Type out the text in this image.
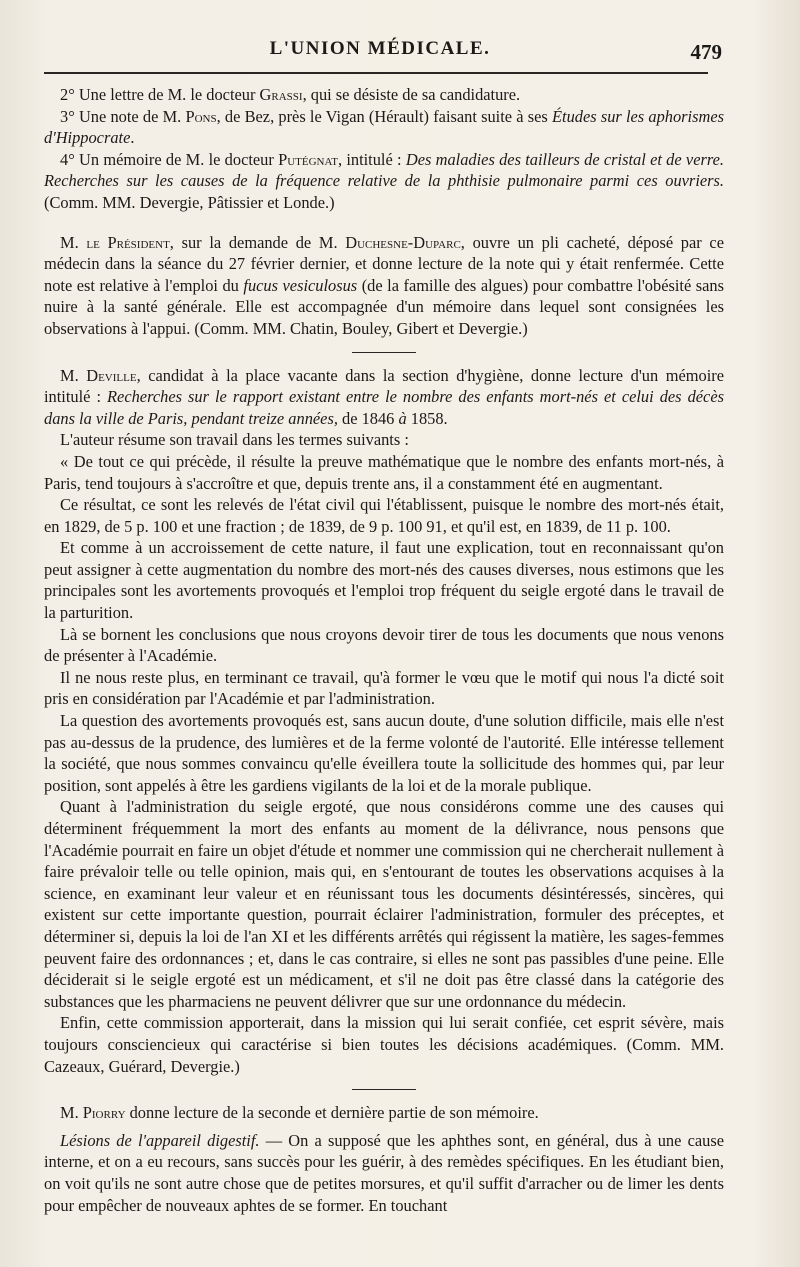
L'UNION MÉDICALE.	479

2° Une lettre de M. le docteur Grassi, qui se désiste de sa candidature.

3° Une note de M. Pons, de Bez, près le Vigan (Hérault) faisant suite à ses Études sur les aphorismes d'Hippocrate.

4° Un mémoire de M. le docteur Putégnat, intitulé : Des maladies des tailleurs de cristal et de verre. Recherches sur les causes de la fréquence relative de la phthisie pulmonaire parmi ces ouvriers. (Comm. MM. Devergie, Pâtissier et Londe.)

M. le Président, sur la demande de M. Duchesne-Duparc, ouvre un pli cacheté, déposé par ce médecin dans la séance du 27 février dernier, et donne lecture de la note qui y était renfermée. Cette note est relative à l'emploi du fucus vesiculosus (de la famille des algues) pour combattre l'obésité sans nuire à la santé générale. Elle est accompagnée d'un mémoire dans lequel sont consignées les observations à l'appui. (Comm. MM. Chatin, Bouley, Gibert et Devergie.)

M. Deville, candidat à la place vacante dans la section d'hygiène, donne lecture d'un mémoire intitulé : Recherches sur le rapport existant entre le nombre des enfants mort-nés et celui des décès dans la ville de Paris, pendant treize années, de 1846 à 1858.

L'auteur résume son travail dans les termes suivants :

« De tout ce qui précède, il résulte la preuve mathématique que le nombre des enfants mort-nés, à Paris, tend toujours à s'accroître et que, depuis trente ans, il a constamment été en augmentant.

Ce résultat, ce sont les relevés de l'état civil qui l'établissent, puisque le nombre des mort-nés était, en 1829, de 5 p. 100 et une fraction ; de 1839, de 9 p. 100 91, et qu'il est, en 1839, de 11 p. 100.

Et comme à un accroissement de cette nature, il faut une explication, tout en reconnaissant qu'on peut assigner à cette augmentation du nombre des mort-nés des causes diverses, nous estimons que les principales sont les avortements provoqués et l'emploi trop fréquent du seigle ergoté dans le travail de la parturition.

Là se bornent les conclusions que nous croyons devoir tirer de tous les documents que nous venons de présenter à l'Académie.

Il ne nous reste plus, en terminant ce travail, qu'à former le vœu que le motif qui nous l'a dicté soit pris en considération par l'Académie et par l'administration.

La question des avortements provoqués est, sans aucun doute, d'une solution difficile, mais elle n'est pas au-dessus de la prudence, des lumières et de la ferme volonté de l'autorité. Elle intéresse tellement la société, que nous sommes convaincu qu'elle éveillera toute la sollicitude des hommes qui, par leur position, sont appelés à être les gardiens vigilants de la loi et de la morale publique.

Quant à l'administration du seigle ergoté, que nous considérons comme une des causes qui déterminent fréquemment la mort des enfants au moment de la délivrance, nous pensons que l'Académie pourrait en faire un objet d'étude et nommer une commission qui ne chercherait nullement à faire prévaloir telle ou telle opinion, mais qui, en s'entourant de toutes les observations acquises à la science, en examinant leur valeur et en réunissant tous les documents désintéressés, sincères, qui existent sur cette importante question, pourrait éclairer l'administration, formuler des préceptes, et déterminer si, depuis la loi de l'an XI et les différents arrêtés qui régissent la matière, les sages-femmes peuvent faire des ordonnances ; et, dans le cas contraire, si elles ne sont pas passibles d'une peine. Elle déciderait si le seigle ergoté est un médicament, et s'il ne doit pas être classé dans la catégorie des substances que les pharmaciens ne peuvent délivrer que sur une ordonnance du médecin.

Enfin, cette commission apporterait, dans la mission qui lui serait confiée, cet esprit sévère, mais toujours consciencieux qui caractérise si bien toutes les décisions académiques. (Comm. MM. Cazeaux, Guérard, Devergie.)

M. Piorry donne lecture de la seconde et dernière partie de son mémoire.

Lésions de l'appareil digestif. — On a supposé que les aphthes sont, en général, dus à une cause interne, et on a eu recours, sans succès pour les guérir, à des remèdes spécifiques. En les étudiant bien, on voit qu'ils ne sont autre chose que de petites morsures, et qu'il suffit d'arracher ou de limer les dents pour empêcher de nouveaux aphtes de se former. En touchant
